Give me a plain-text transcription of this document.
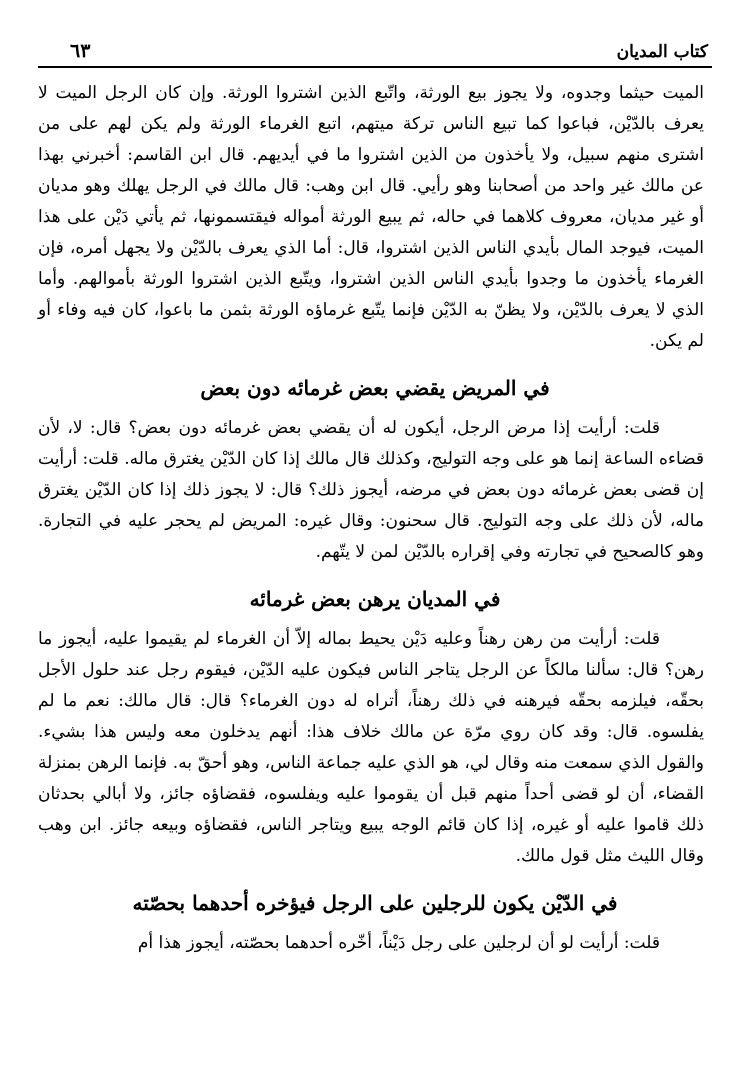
كتاب المديان
٦٣

الميت حيثما وجدوه، ولا يجوز بيع الورثة، واتّبع الذين اشتروا الورثة. وإن كان الرجل الميت لا يعرف بالدّيْن، فباعوا كما تبيع الناس تركة ميتهم، اتبع الغرماء الورثة ولم يكن لهم على من اشترى منهم سبيل، ولا يأخذون من الذين اشتروا ما في أيديهم. قال ابن القاسم: أخبرني بهذا عن مالك غير واحد من أصحابنا وهو رأيي. قال ابن وهب: قال مالك في الرجل يهلك وهو مديان أو غير مديان، معروف كلاهما في حاله، ثم يبيع الورثة أمواله فيقتسمونها، ثم يأتي دَيْن على هذا الميت، فيوجد المال بأيدي الناس الذين اشتروا، قال: أما الذي يعرف بالدّيْن ولا يجهل أمره، فإن الغرماء يأخذون ما وجدوا بأيدي الناس الذين اشتروا، ويتّبع الذين اشتروا الورثة بأموالهم. وأما الذي لا يعرف بالدّيْن، ولا يظنّ به الدّيْن فإنما يتّبع غرماؤه الورثة بثمن ما باعوا، كان فيه وفاء أو لم يكن.

في المريض يقضي بعض غرمائه دون بعض

قلت: أرأيت إذا مرض الرجل، أيكون له أن يقضي بعض غرمائه دون بعض؟ قال: لا، لأن قضاءه الساعة إنما هو على وجه التوليج، وكذلك قال مالك إذا كان الدّيْن يغترق ماله. قلت: أرأيت إن قضى بعض غرمائه دون بعض في مرضه، أيجوز ذلك؟ قال: لا يجوز ذلك إذا كان الدّيْن يغترق ماله، لأن ذلك على وجه التوليج. قال سحنون: وقال غيره: المريض لم يحجر عليه في التجارة. وهو كالصحيح في تجارته وفي إقراره بالدّيْن لمن لا يتّهم.

في المديان يرهن بعض غرمائه

قلت: أرأيت من رهن رهناً وعليه دَيْن يحيط بماله إلاّ أن الغرماء لم يقيموا عليه، أيجوز ما رهن؟ قال: سألنا مالكاً عن الرجل يتاجر الناس فيكون عليه الدّيْن، فيقوم رجل عند حلول الأجل بحقّه، فيلزمه بحقّه فيرهنه في ذلك رهناً، أتراه له دون الغرماء؟ قال: قال مالك: نعم ما لم يفلسوه. قال: وقد كان روي مرّة عن مالك خلاف هذا: أنهم يدخلون معه وليس هذا بشيء. والقول الذي سمعت منه وقال لي، هو الذي عليه جماعة الناس، وهو أحقّ به. فإنما الرهن بمنزلة القضاء، أن لو قضى أحداً منهم قبل أن يقوموا عليه ويفلسوه، فقضاؤه جائز، ولا أبالي بحدثان ذلك قاموا عليه أو غيره، إذا كان قائم الوجه يبيع ويتاجر الناس، فقضاؤه وبيعه جائز. ابن وهب وقال الليث مثل قول مالك.

في الدّيْن يكون للرجلين على الرجل فيؤخره أحدهما بحصّته

قلت: أرأيت لو أن لرجلين على رجل دَيْناً، أخّره أحدهما بحصّته، أيجوز هذا أم
